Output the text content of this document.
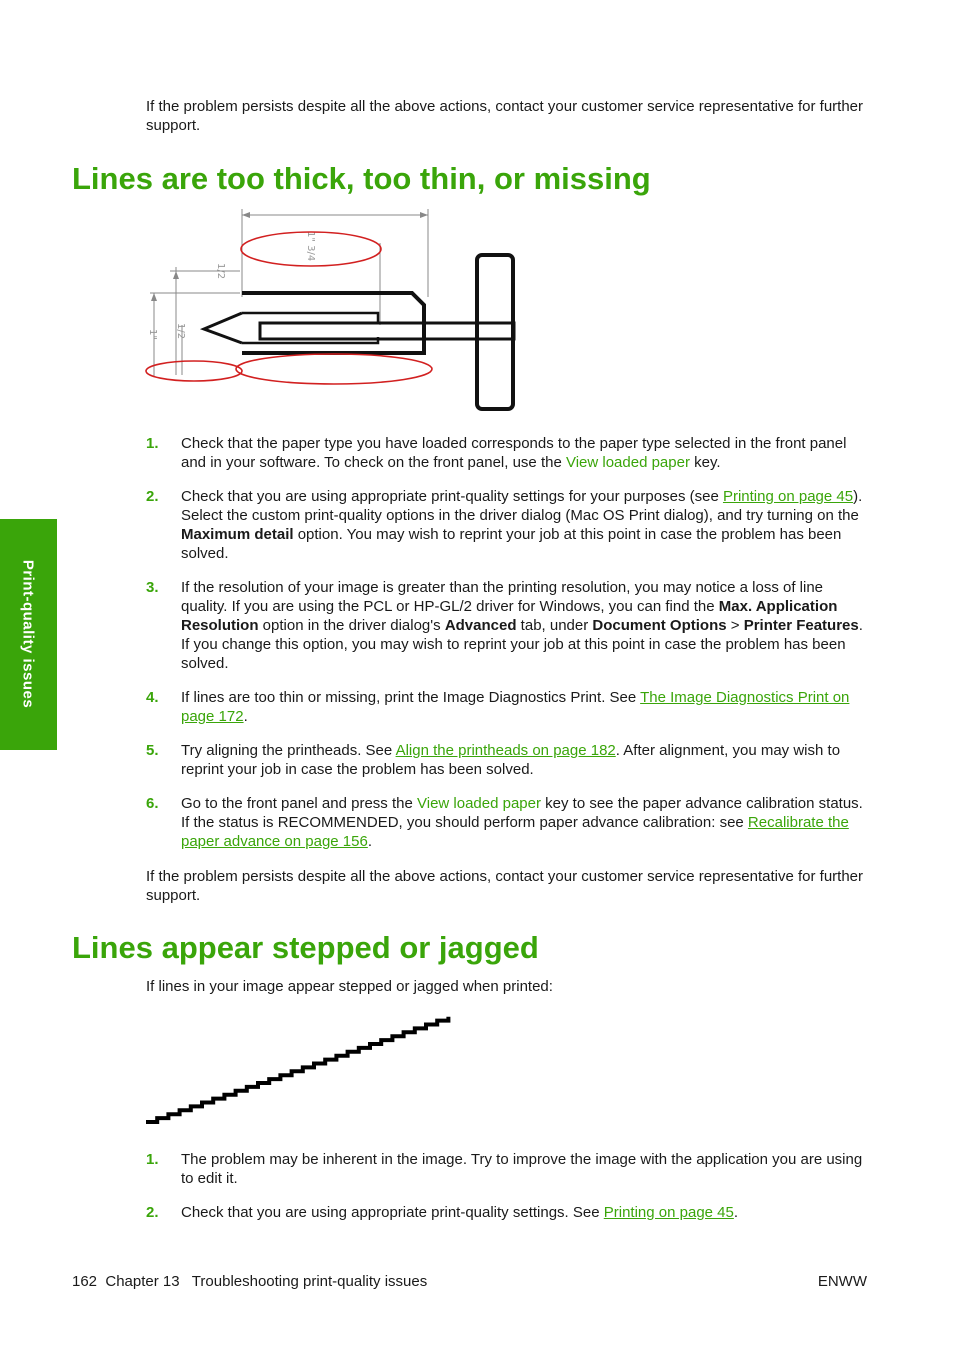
If the problem persists despite all the above actions, contact your customer service representative for further support.

Lines are too thick, too thin, or missing
1" 3/4
1/2
1/2
1"
1. Check that the paper type you have loaded corresponds to the paper type selected in the front panel and in your software. To check on the front panel, use the View loaded paper key.
2. Check that you are using appropriate print-quality settings for your purposes (see Printing on page 45). Select the custom print-quality options in the driver dialog (Mac OS Print dialog), and try turning on the Maximum detail option. You may wish to reprint your job at this point in case the problem has been solved.
3. If the resolution of your image is greater than the printing resolution, you may notice a loss of line quality. If you are using the PCL or HP-GL/2 driver for Windows, you can find the Max. Application Resolution option in the driver dialog's Advanced tab, under Document Options > Printer Features. If you change this option, you may wish to reprint your job at this point in case the problem has been solved.
4. If lines are too thin or missing, print the Image Diagnostics Print. See The Image Diagnostics Print on page 172.
5. Try aligning the printheads. See Align the printheads on page 182. After alignment, you may wish to reprint your job in case the problem has been solved.
6. Go to the front panel and press the View loaded paper key to see the paper advance calibration status. If the status is RECOMMENDED, you should perform paper advance calibration: see Recalibrate the paper advance on page 156.

If the problem persists despite all the above actions, contact your customer service representative for further support.

Lines appear stepped or jagged

If lines in your image appear stepped or jagged when printed:

1. The problem may be inherent in the image. Try to improve the image with the application you are using to edit it.
2. Check that you are using appropriate print-quality settings. See Printing on page 45.
Print-quality issues
162  Chapter 13   Troubleshooting print-quality issues	ENWW
